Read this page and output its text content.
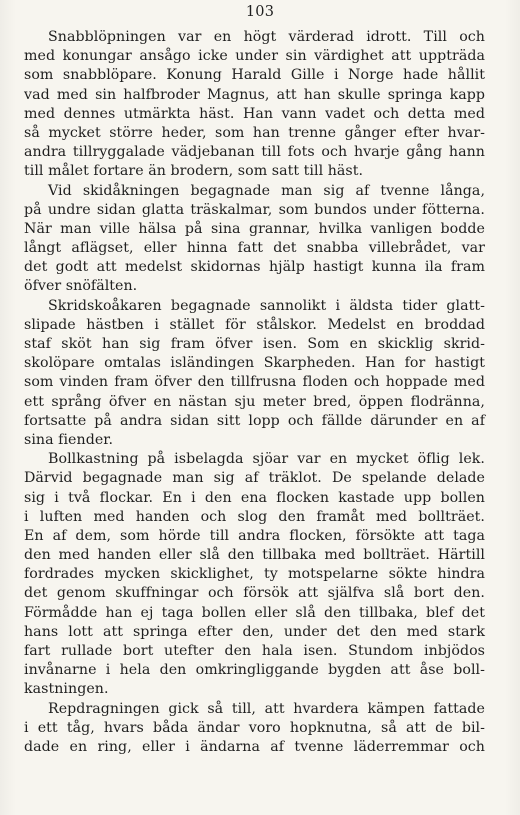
103
Snabblöpningen var en högt värderad idrott. Till och
med konungar ansågo icke under sin värdighet att uppträda
som snabblöpare. Konung Harald Gille i Norge hade hållit
vad med sin halfbroder Magnus, att han skulle springa kapp
med dennes utmärkta häst. Han vann vadet och detta med
så mycket större heder, som han trenne gånger efter hvar-
andra tillryggalade vädjebanan till fots och hvarje gång hann
till målet fortare än brodern, som satt till häst.
Vid skidåkningen begagnade man sig af tvenne långa,
på undre sidan glatta träskalmar, som bundos under fötterna.
När man ville hälsa på sina grannar, hvilka vanligen bodde
långt aflägset, eller hinna fatt det snabba villebrådet, var
det godt att medelst skidornas hjälp hastigt kunna ila fram
öfver snöfälten.
Skridskoåkaren begagnade sannolikt i äldsta tider glatt-
slipade hästben i stället för stålskor. Medelst en broddad
staf sköt han sig fram öfver isen. Som en skicklig skrid-
skolöpare omtalas isländingen Skarpheden. Han for hastigt
som vinden fram öfver den tillfrusna floden och hoppade med
ett språng öfver en nästan sju meter bred, öppen flodränna,
fortsatte på andra sidan sitt lopp och fällde därunder en af
sina fiender.
Bollkastning på isbelagda sjöar var en mycket öflig lek.
Därvid begagnade man sig af träklot. De spelande delade
sig i två flockar. En i den ena flocken kastade upp bollen
i luften med handen och slog den framåt med bollträet.
En af dem, som hörde till andra flocken, försökte att taga
den med handen eller slå den tillbaka med bollträet. Härtill
fordrades mycken skicklighet, ty motspelarne sökte hindra
det genom skuffningar och försök att själfva slå bort den.
Förmådde han ej taga bollen eller slå den tillbaka, blef det
hans lott att springa efter den, under det den med stark
fart rullade bort utefter den hala isen. Stundom inbjödos
invånarne i hela den omkringliggande bygden att åse boll-
kastningen.
Repdragningen gick så till, att hvardera kämpen fattade
i ett tåg, hvars båda ändar voro hopknutna, så att de bil-
dade en ring, eller i ändarna af tvenne läderremmar och
